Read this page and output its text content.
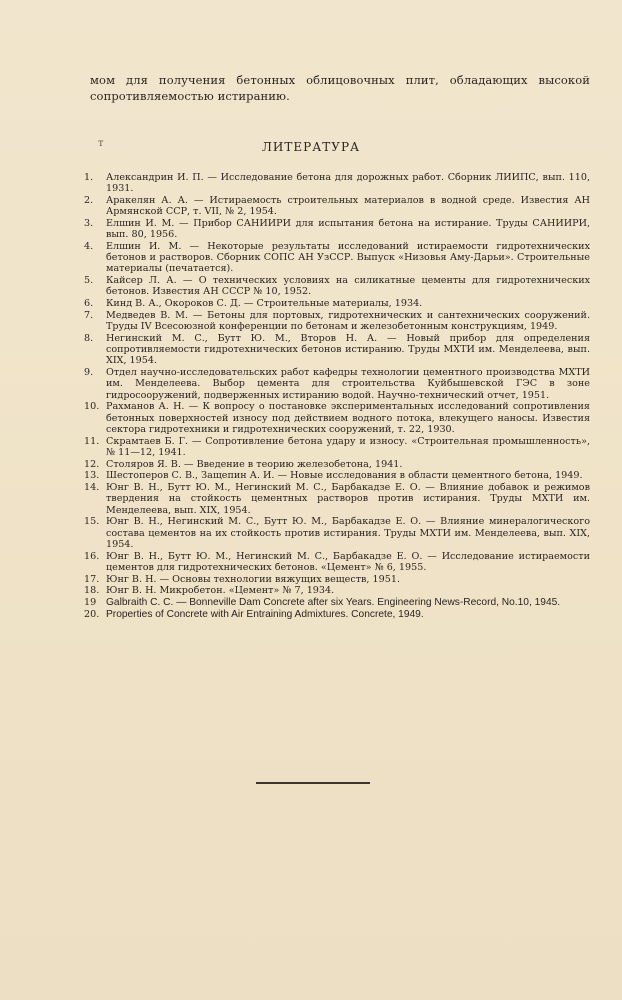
мом для получения бетонных облицовочных плит, обладающих высокой сопротивляемостью истиранию.
т	ЛИТЕРАТУРА
1.	Александрин И. П. — Исследование бетона для дорожных работ. Сборник ЛИИПС, вып. 110, 1931.
2.	Аракелян А. А. — Истираемость строительных материалов в водной среде. Известия АН Армянской ССР, т. VII, № 2, 1954.
3.	Елшин И. М. — Прибор САНИИРИ для испытания бетона на истирание. Труды САНИИРИ, вып. 80, 1956.
4.	Елшин И. М. — Некоторые результаты исследований истираемости гидротехнических бетонов и растворов. Сборник СОПС АН УзССР. Выпуск «Низовья Аму-Дарьи». Строительные материалы (печатается).
5.	Кайсер Л. А. — О технических условиях на силикатные цементы для гидротехнических бетонов. Известия АН СССР № 10, 1952.
6.	Кинд В. А., Окороков С. Д. — Строительные материалы, 1934.
7.	Медведев В. М. — Бетоны для портовых, гидротехнических и сантехнических сооружений. Труды IV Всесоюзной конференции по бетонам и железобетонным конструкциям, 1949.
8.	Негинский М. С., Бутт Ю. М., Второв Н. А. — Новый прибор для определения сопротивляемости гидротехнических бетонов истиранию. Труды МХТИ им. Менделеева, вып. XIX, 1954.
9.	Отдел научно-исследовательских работ кафедры технологии цементного производства МХТИ им. Менделеева. Выбор цемента для строительства Куйбышевской ГЭС в зоне гидросооружений, подверженных истиранию водой. Научно-технический отчет, 1951.
10. Рахманов А. Н. — К вопросу о постановке экспериментальных исследований сопротивления бетонных поверхностей износу под действием водного потока, влекущего наносы. Известия сектора гидротехники и гидротехнических сооружений, т. 22, 1930.
11. Скрамтаев Б. Г. — Сопротивление бетона удару и износу. «Строительная промышленность», № 11—12, 1941.
12. Столяров Я. В. — Введение в теорию железобетона, 1941.
13. Шестоперов С. В., Защепин А. И. — Новые исследования в области цементного бетона, 1949.
14. Юнг В. Н., Бутт Ю. М., Негинский М. С., Барбакадзе Е. О. — Влияние добавок и режимов твердения на стойкость цементных растворов против истирания. Труды МХТИ им. Менделеева, вып. XIX, 1954.
15. Юнг В. Н., Негинский М. С., Бутт Ю. М., Барбакадзе Е. О. — Влияние минералогического состава цементов на их стойкость против истирания. Труды МХТИ им. Менделеева, вып. XIX, 1954.
16. Юнг В. Н., Бутт Ю. М., Негинский М. С., Барбакадзе Е. О. — Исследование истираемости цементов для гидротехнических бетонов. «Цемент» № 6, 1955.
17. Юнг В. Н. — Основы технологии вяжущих веществ, 1951.
18. Юнг В. Н. Микробетон. «Цемент» № 7, 1934.
19 Galbraith C. C. — Bonneville Dam Concrete after six Years. Engineering News-Record, No.10, 1945.
20. Properties of Concrete with Air Entraining Admixtures. Concrete, 1949.
